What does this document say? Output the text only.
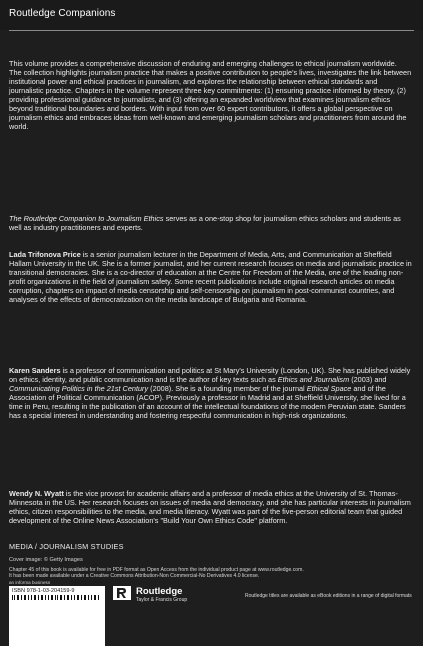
Routledge Companions

This volume provides a comprehensive discussion of enduring and emerging challenges to ethical journalism worldwide.

The collection highlights journalism practice that makes a positive contribution to people's lives, investigates the link between institutional power and ethical practices in journalism, and explores the relationship between ethical standards and journalistic practice. Chapters in the volume represent three key commitments: (1) ensuring practice informed by theory, (2) providing professional guidance to journalists, and (3) offering an expanded worldview that examines journalism ethics beyond traditional boundaries and borders. With input from over 60 expert contributors, it offers a global perspective on journalism ethics and embraces ideas from well-known and emerging journalism scholars and practitioners from around the world.

The Routledge Companion to Journalism Ethics serves as a one-stop shop for journalism ethics scholars and students as well as industry practitioners and experts.

Lada Trifonova Price is a senior journalism lecturer in the Department of Media, Arts, and Communication at Sheffield Hallam University in the UK. She is a former journalist, and her current research focuses on media and journalistic practice in transitional democracies. She is a co-director of education at the Centre for Freedom of the Media, one of the leading non-profit organizations in the field of journalism safety. Some recent publications include original research articles on media corruption, chapters on impact of media censorship and self-censorship on journalism in post-communist countries, and analyses of the effects of democratization on the media landscape of Bulgaria and Romania.

Karen Sanders is a professor of communication and politics at St Mary's University (London, UK). She has published widely on ethics, identity, and public communication and is the author of key texts such as Ethics and Journalism (2003) and Communicating Politics in the 21st Century (2008). She is a founding member of the journal Ethical Space and of the Association of Political Communication (ACOP). Previously a professor in Madrid and at Sheffield University, she lived for a time in Peru, resulting in the publication of an account of the intellectual foundations of the modern Peruvian state. Sanders has a special interest in understanding and fostering respectful communication in high-risk organizations.

Wendy N. Wyatt is the vice provost for academic affairs and a professor of media ethics at the University of St. Thomas-Minnesota in the US. Her research focuses on issues of media and democracy, and she has particular interests in journalism ethics, citizen responsibilities to the media, and media literacy. Wyatt was part of the five-person editorial team that guided development of the Online News Association's "Build Your Own Ethics Code" platform.

MEDIA / JOURNALISM STUDIES
Cover image: © Getty Images

Chapter 45 of this book is available for free in PDF format as Open Access from the individual product page at www.routledge.com.

It has been made available under a Creative Commons Attribution-Non Commercial-No Derivatives 4.0 license.

an informa business
ISBN 978-1-03-204159-9	Routledge
Taylor & Francis Group
Routledge titles are available as eBook editions in a range of digital formats
